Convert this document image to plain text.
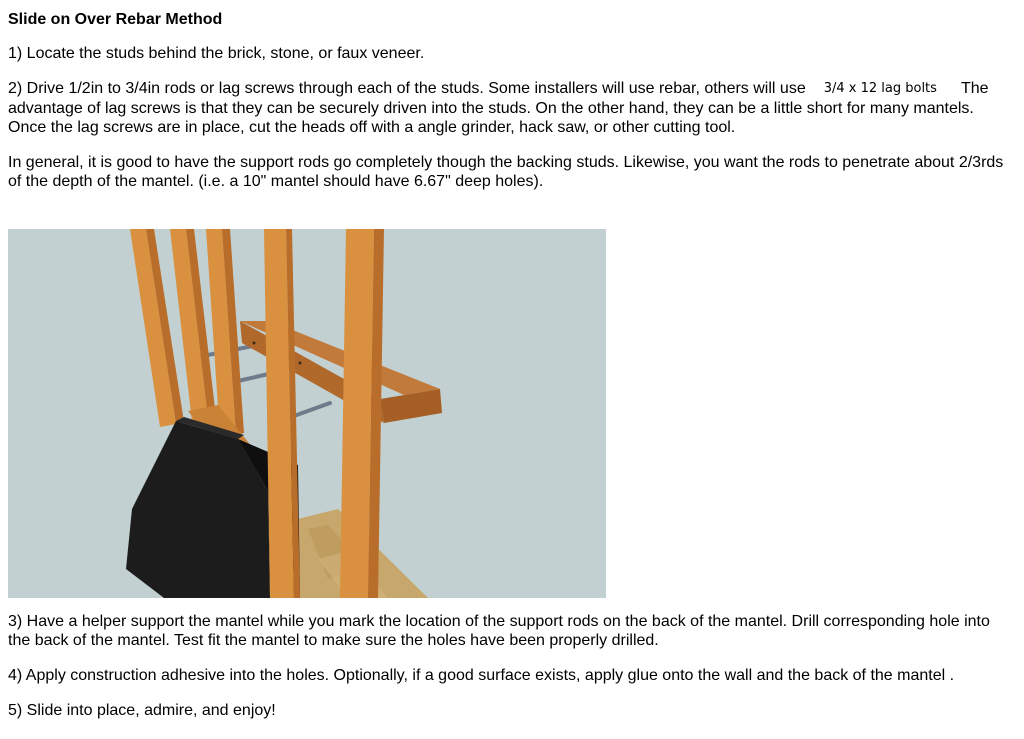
Slide on Over Rebar Method

1) Locate the studs behind the brick, stone, or faux veneer.

2) Drive 1/2in to 3/4in rods or lag screws through each of the studs. Some installers will use rebar, others will use 3/4 x 12 lag bolts The advantage of lag screws is that they can be securely driven into the studs. On the other hand, they can be a little short for many mantels. Once the lag screws are in place, cut the heads off with a angle grinder, hack saw, or other cutting tool.

In general, it is good to have the support rods go completely though the backing studs. Likewise, you want the rods to penetrate about 2/3rds of the depth of the mantel. (i.e. a 10" mantel should have 6.67" deep holes).

3) Have a helper support the mantel while you mark the location of the support rods on the back of the mantel. Drill corresponding hole into the back of the mantel. Test fit the mantel to make sure the holes have been properly drilled.

4) Apply construction adhesive into the holes. Optionally, if a good surface exists, apply glue onto the wall and the back of the mantel .

5) Slide into place, admire, and enjoy!
